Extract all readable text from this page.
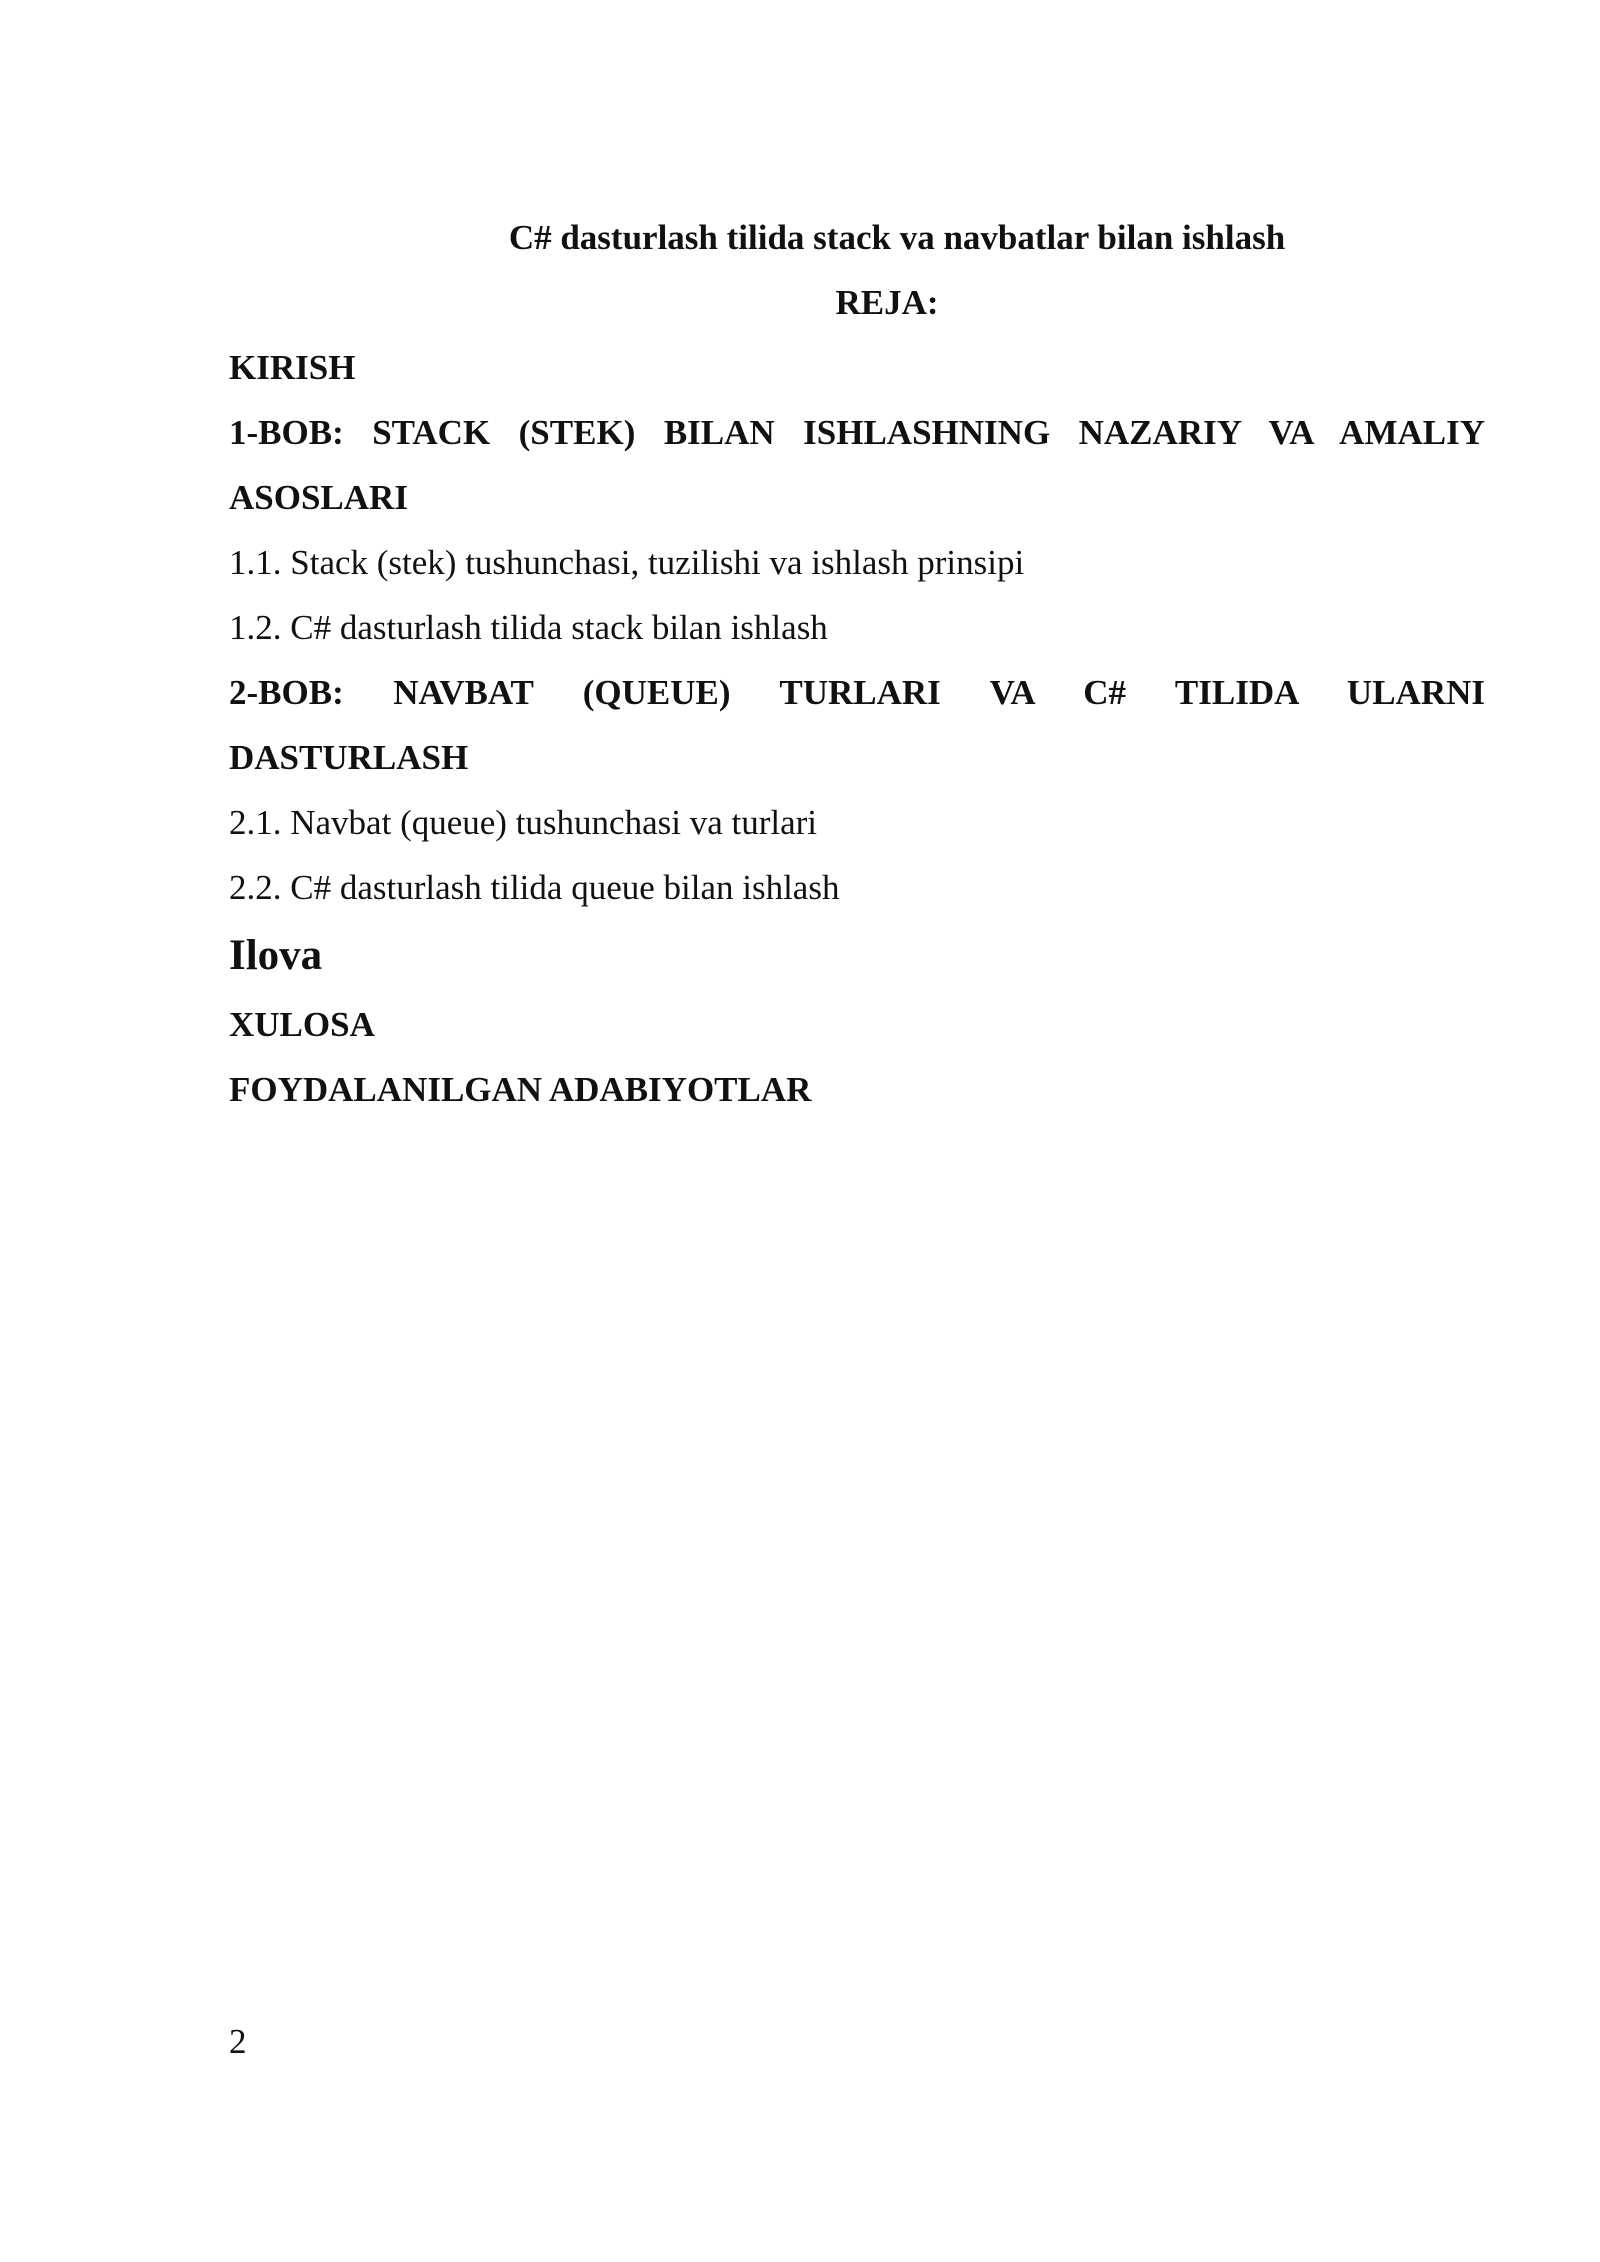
C# dasturlash tilida stack va navbatlar bilan ishlash
REJA:
KIRISH
1-BOB: STACK (STEK) BILAN ISHLASHNING NAZARIY VA AMALIY
ASOSLARI
1.1. Stack (stek) tushunchasi, tuzilishi va ishlash prinsipi
1.2. C# dasturlash tilida stack bilan ishlash
2-BOB: NAVBAT (QUEUE) TURLARI VA C# TILIDA ULARNI
DASTURLASH
2.1. Navbat (queue) tushunchasi va turlari
2.2. C# dasturlash tilida queue bilan ishlash
Ilova
XULOSA
FOYDALANILGAN ADABIYOTLAR
2
